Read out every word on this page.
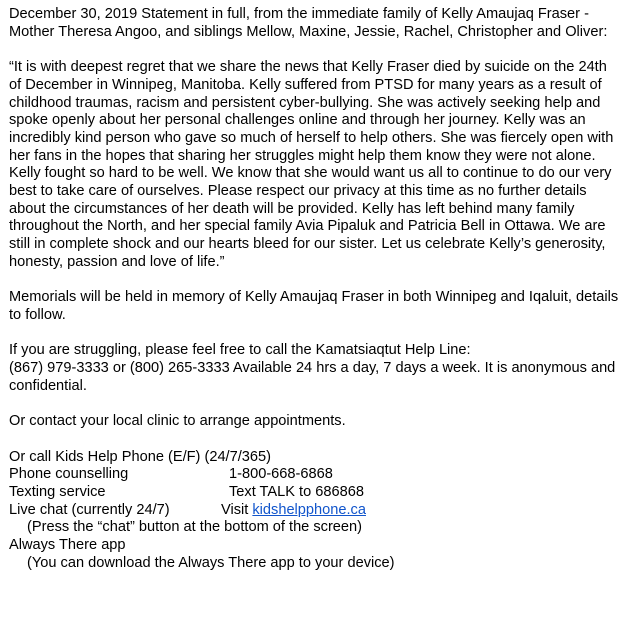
December 30, 2019 Statement in full, from the immediate family of Kelly Amaujaq Fraser - Mother Theresa Angoo, and siblings Mellow, Maxine, Jessie, Rachel, Christopher and Oliver:

“It is with deepest regret that we share the news that Kelly Fraser died by suicide on the 24th of December in Winnipeg, Manitoba. Kelly suffered from PTSD for many years as a result of childhood traumas, racism and persistent cyber-bullying. She was actively seeking help and spoke openly about her personal challenges online and through her journey. Kelly was an incredibly kind person who gave so much of herself to help others. She was fiercely open with her fans in the hopes that sharing her struggles might help them know they were not alone. Kelly fought so hard to be well. We know that she would want us all to continue to do our very best to take care of ourselves. Please respect our privacy at this time as no further details about the circumstances of her death will be provided. Kelly has left behind many family throughout the North, and her special family Avia Pipaluk and Patricia Bell in Ottawa. We are still in complete shock and our hearts bleed for our sister. Let us celebrate Kelly’s generosity, honesty, passion and love of life.”

Memorials will be held in memory of Kelly Amaujaq Fraser in both Winnipeg and Iqaluit, details to follow.

If you are struggling, please feel free to call the Kamatsiaqtut Help Line:

(867) 979-3333 or (800) 265-3333 Available 24 hrs a day, 7 days a week. It is anonymous and confidential.

Or contact your local clinic to arrange appointments.

Or call Kids Help Phone (E/F) (24/7/365)

Phone counselling	1-800-668-6868
Texting service	Text TALK to 686868
Live chat (currently 24/7)	Visit kidshelpphone.ca
(Press the “chat” button at the bottom of the screen)

Always There app

(You can download the Always There app to your device)
